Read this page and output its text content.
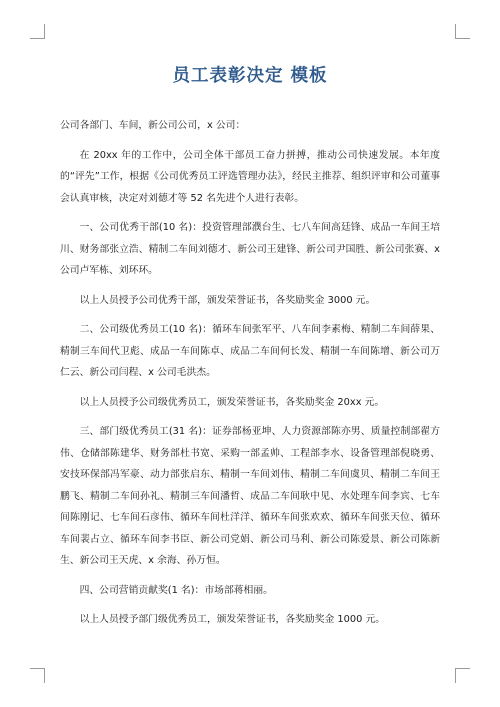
员工表彰决定 模板

公司各部门、车间，新公司公司，x 公司：

在 20xx 年的工作中，公司全体干部员工奋力拼搏，推动公司快速发展。本年度的“评先”工作，根据《公司优秀员工评选管理办法》，经民主推荐、组织评审和公司董事会认真审核，决定对刘德才等 52 名先进个人进行表彰。

一、公司优秀干部(10 名)：投资管理部濮台生、七八车间高廷锋、成品一车间王培川、财务部张立浩、精制二车间刘德才、新公司王建锋、新公司尹国胜、新公司张赛、x 公司卢军栋、刘环环。

以上人员授予公司优秀干部，颁发荣誉证书，各奖励奖金 3000 元。

二、公司级优秀员工(10 名)：循环车间张军平、八车间李素梅、精制二车间薛果、精制三车间代卫彪、成品一车间陈卓、成品二车间何长发、精制一车间陈增、新公司万仁云、新公司闫程、x 公司毛洪杰。

以上人员授予公司级优秀员工，颁发荣誉证书，各奖励奖金 20xx 元。

三、部门级优秀员工(31 名)：证券部杨亚坤、人力资源部陈亦男、质量控制部翟方伟、仓储部陈建华、财务部杜书宽、采购一部孟帅、工程部李水、设备管理部倪晓勇、安技环保部冯军豪、动力部张启东、精制一车间刘伟、精制二车间虞贝、精制二车间王鹏飞、精制二车间孙礼、精制三车间潘哲、成品二车间耿中见、水处理车间李宾、七车间陈刚记、七车间石彦伟、循环车间杜洋洋、循环车间张欢欢、循环车间张天位、循环车间裴占立、循环车间李书臣、新公司党娟、新公司马利、新公司陈爱景、新公司陈新生、新公司王天虎、x 余海、孙万恒。

四、公司营销贡献奖(1 名)：市场部蒋相丽。

以上人员授予部门级优秀员工，颁发荣誉证书，各奖励奖金 1000 元。
